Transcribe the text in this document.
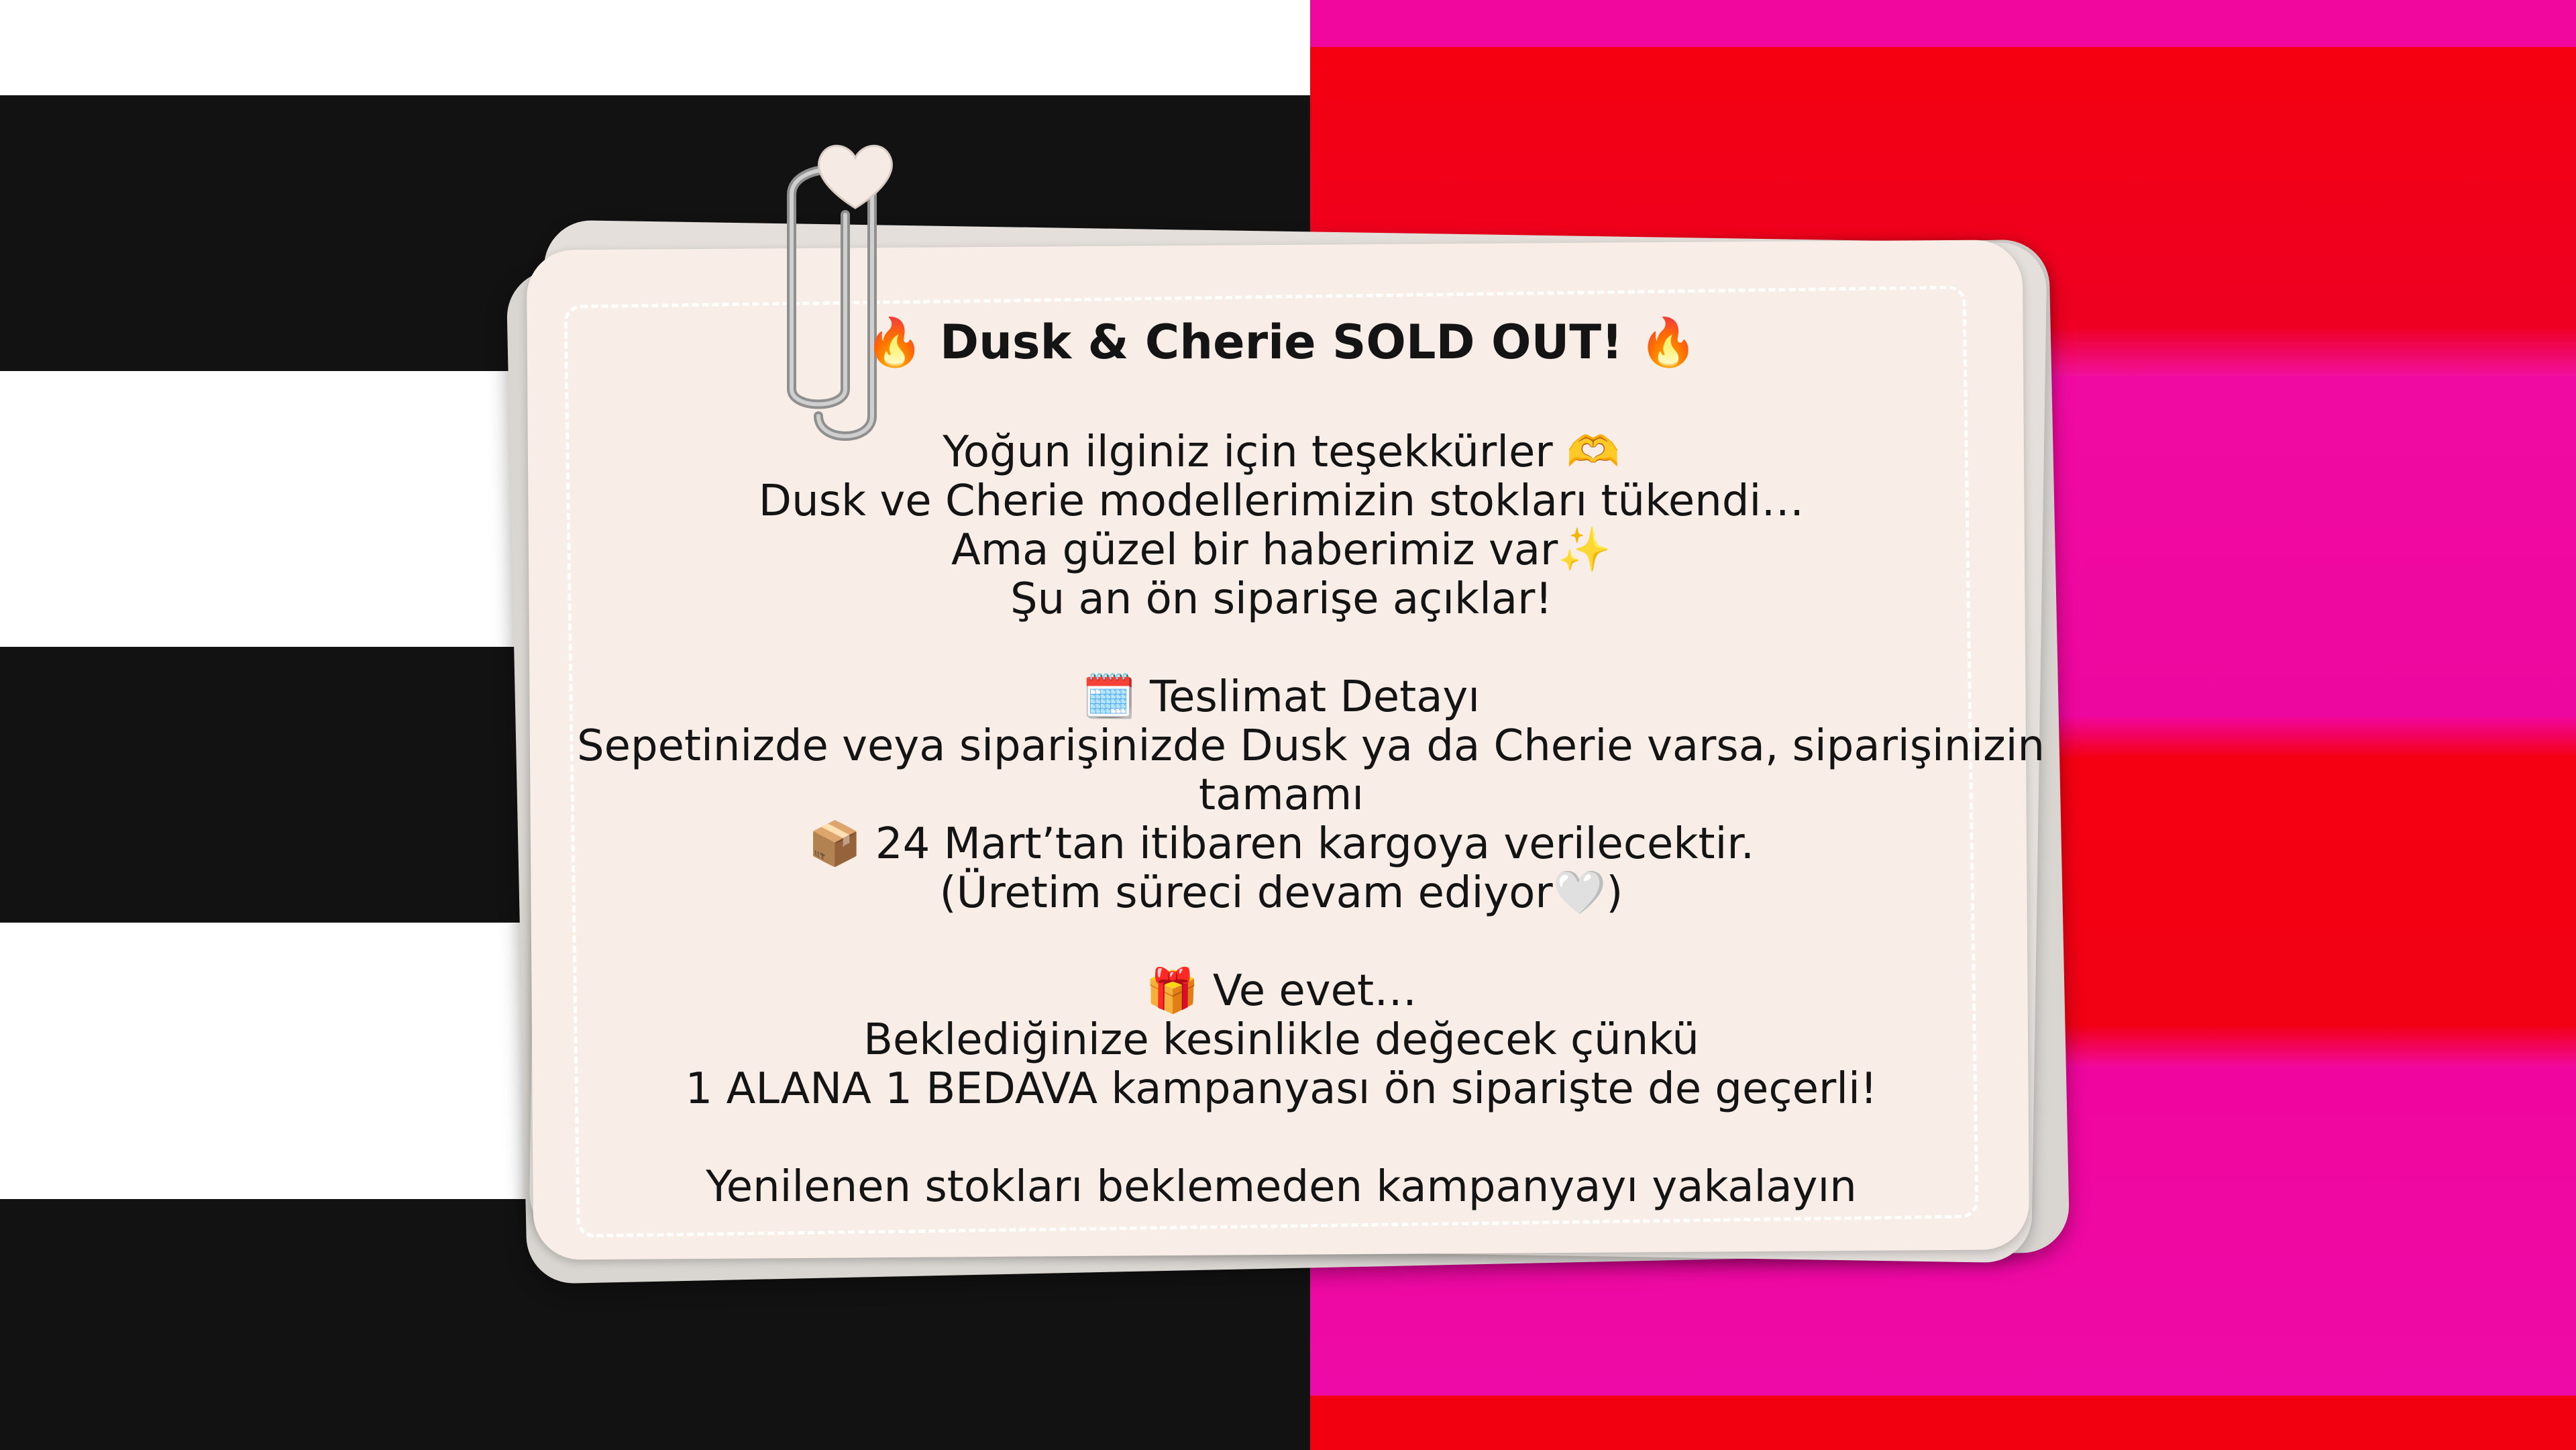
🔥 Dusk & Cherie SOLD OUT! 🔥
Yoğun ilginiz için teşekkürler 🫶
Dusk ve Cherie modellerimizin stokları tükendi…
Ama güzel bir haberimiz var✨
Şu an ön siparişe açıklar!
🗓️ Teslimat Detayı
Sepetinizde veya siparişinizde Dusk ya da Cherie varsa, siparişinizin
tamamı
📦 24 Mart’tan itibaren kargoya verilecektir.
(Üretim süreci devam ediyor🤍)
🎁 Ve evet…
Beklediğinize kesinlikle değecek çünkü
1 ALANA 1 BEDAVA kampanyası ön siparişte de geçerli!
Yenilenen stokları beklemeden kampanyayı yakalayın
